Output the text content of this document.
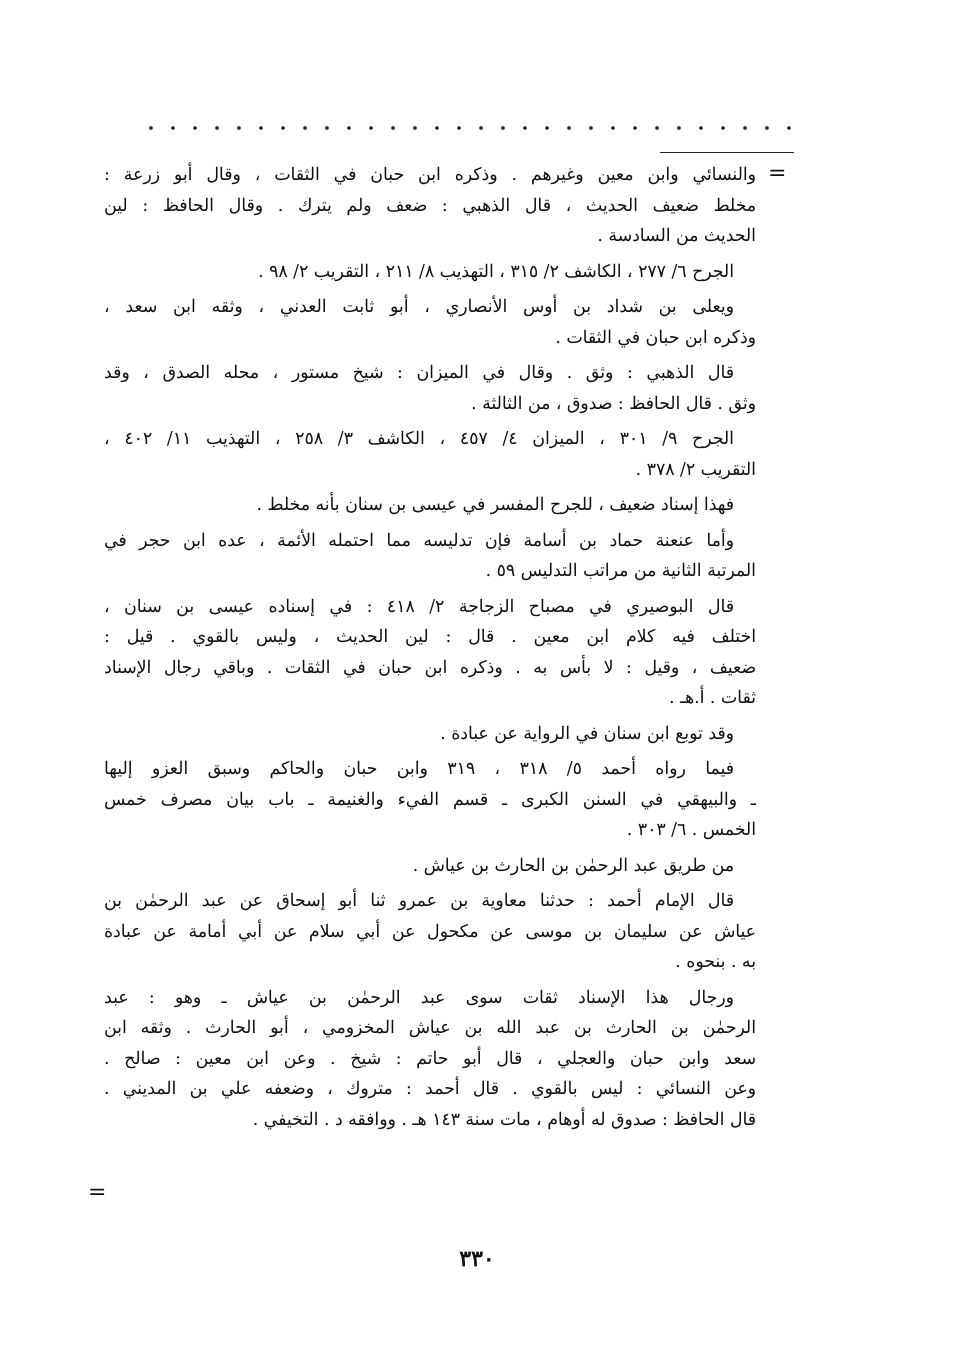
=
والنسائي وابن معين وغيرهم . وذكره ابن حبان في الثقات ، وقال أبو زرعة :
مخلط ضعيف الحديث ، قال الذهبي : ضعف ولم يترك . وقال الحافظ : لين
الحديث من السادسة .
الجرح ٦/ ٢٧٧ ، الكاشف ٢/ ٣١٥ ، التهذيب ٨/ ٢١١ ، التقريب ٢/ ٩٨ .
ويعلى بن شداد بن أوس الأنصاري ، أبو ثابت العدني ، وثقه ابن سعد ،
وذكره ابن حبان في الثقات .
قال الذهبي : وثق . وقال في الميزان : شيخ مستور ، محله الصدق ، وقد
وثق . قال الحافظ : صدوق ، من الثالثة .
الجرح ٩/ ٣٠١ ، الميزان ٤/ ٤٥٧ ، الكاشف ٣/ ٢٥٨ ، التهذيب ١١/ ٤٠٢ ،
التقريب ٢/ ٣٧٨ .
فهذا إسناد ضعيف ، للجرح المفسر في عيسى بن سنان بأنه مخلط .
وأما عنعنة حماد بن أسامة فإن تدليسه مما احتمله الأئمة ، عده ابن حجر في
المرتبة الثانية من مراتب التدليس ٥٩ .
قال البوصيري في مصباح الزجاجة ٢/ ٤١٨ : في إسناده عيسى بن سنان ،
اختلف فيه كلام ابن معين . قال : لين الحديث ، وليس بالقوي . قيل :
ضعيف ، وقيل : لا بأس به . وذكره ابن حبان في الثقات . وباقي رجال الإسناد
ثقات . أ.هـ .
وقد توبع ابن سنان في الرواية عن عبادة .
فيما رواه أحمد ٥/ ٣١٨ ، ٣١٩ وابن حبان والحاكم وسبق العزو إليها
ـ والبيهقي في السنن الكبرى ـ قسم الفيء والغنيمة ـ باب بيان مصرف خمس
الخمس . ٦/ ٣٠٣ .
من طريق عبد الرحمٰن بن الحارث بن عياش .
قال الإمام أحمد : حدثنا معاوية بن عمرو ثنا أبو إسحاق عن عبد الرحمٰن بن
عياش عن سليمان بن موسى عن مكحول عن أبي سلام عن أبي أمامة عن عبادة
به . بنحوه .
ورجال هذا الإسناد ثقات سوى عبد الرحمٰن بن عياش ـ وهو : عبد
الرحمٰن بن الحارث بن عبد الله بن عياش المخزومي ، أبو الحارث . وثقه ابن
سعد وابن حبان والعجلي ، قال أبو حاتم : شيخ . وعن ابن معين : صالح .
وعن النسائي : ليس بالقوي . قال أحمد : متروك ، وضعفه علي بن المديني .
قال الحافظ : صدوق له أوهام ، مات سنة ١٤٣ هـ . ووافقه د . التخيفي .
=
٣٣٠
